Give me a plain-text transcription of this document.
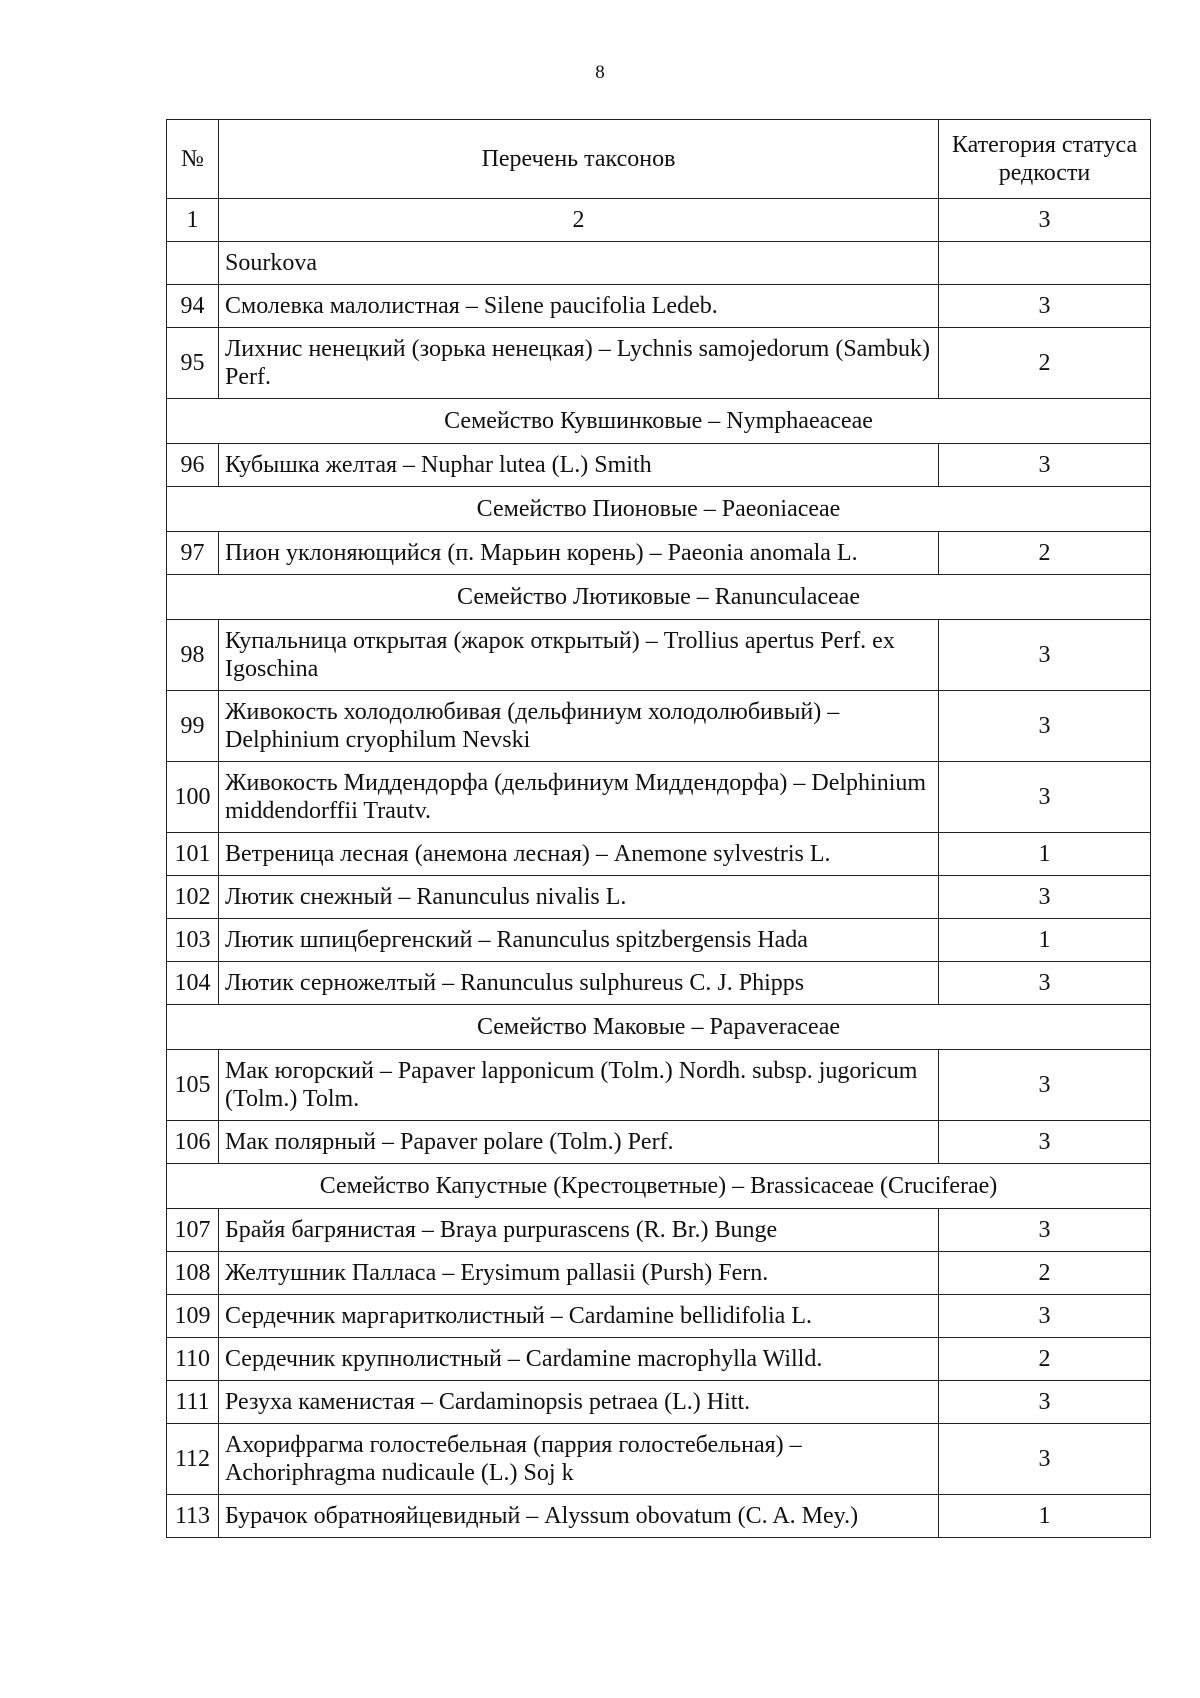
8
№	Перечень таксонов	Категория статуса редкости
1	2	3
	Sourkova	
94	Смолевка малолистная – Silene paucifolia Ledeb.	3
95	Лихнис ненецкий (зорька ненецкая) – Lychnis samojedorum (Sambuk) Perf.	2
Семейство Кувшинковые – Nymphaeaceae		
96	Кубышка желтая – Nuphar lutea (L.) Smith	3
Семейство Пионовые – Paeoniaceae		
97	Пион уклоняющийся (п. Марьин корень) – Paeonia anomala L.	2
Семейство Лютиковые – Ranunculaceae		
98	Купальница открытая (жарок открытый) – Trollius apertus Perf. ex Igoschina	3
99	Живокость холодолюбивая (дельфиниум холодолюбивый) – Delphinium cryophilum Nevski	3
100	Живокость Миддендорфа (дельфиниум Миддендорфа) – Delphinium middendorffii Trautv.	3
101	Ветреница лесная (анемона лесная) – Anemone sylvestris L.	1
102	Лютик снежный – Ranunculus nivalis L.	3
103	Лютик шпицбергенский – Ranunculus spitzbergensis Hada	1
104	Лютик серножелтый – Ranunculus sulphureus C. J. Phipps	3
Семейство Маковые – Papaveraceae		
105	Мак югорский – Papaver lapponicum (Tolm.) Nordh. subsp. jugoricum (Tolm.) Tolm.	3
106	Мак полярный – Papaver polare (Tolm.) Perf.	3
Семейство Капустные (Крестоцветные) – Brassicaceae (Cruciferae)		
107	Брайя багрянистая – Braya purpurascens (R. Br.) Bunge	3
108	Желтушник Палласа – Erysimum pallasii (Pursh) Fern.	2
109	Сердечник маргаритколистный – Cardamine bellidifolia L.	3
110	Сердечник крупнолистный – Cardamine macrophylla Willd.	2
111	Резуха каменистая – Cardaminopsis petraea (L.) Hitt.	3
112	Ахорифрагма голостебельная (паррия голостебельная) – Achoriphragma nudicaule (L.) Soj k	3
113	Бурачок обратнояйцевидный – Alyssum obovatum (C. A. Mey.)	1
